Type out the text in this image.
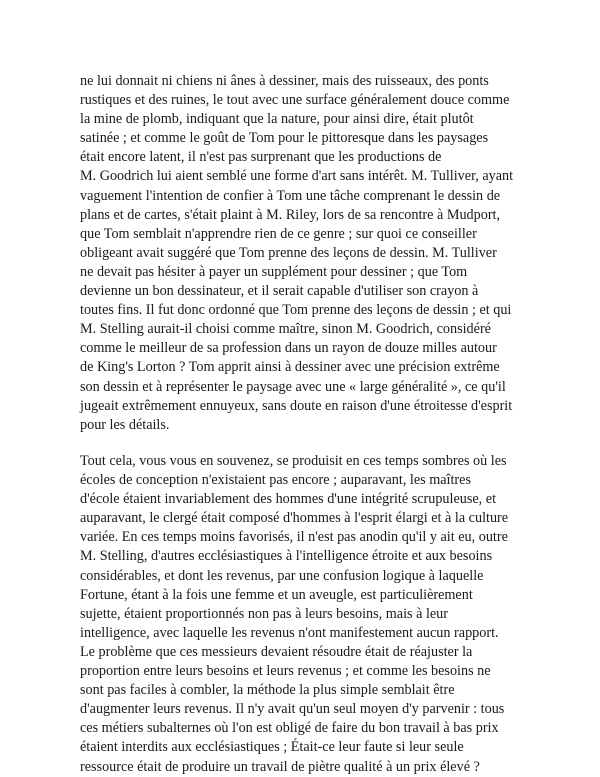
ne lui donnait ni chiens ni ânes à dessiner, mais des ruisseaux, des ponts
rustiques et des ruines, le tout avec une surface généralement douce comme
la mine de plomb, indiquant que la nature, pour ainsi dire, était plutôt
satinée ; et comme le goût de Tom pour le pittoresque dans les paysages
était encore latent, il n'est pas surprenant que les productions de
M. Goodrich lui aient semblé une forme d'art sans intérêt. M. Tulliver, ayant
vaguement l'intention de confier à Tom une tâche comprenant le dessin de
plans et de cartes, s'était plaint à M. Riley, lors de sa rencontre à Mudport,
que Tom semblait n'apprendre rien de ce genre ; sur quoi ce conseiller
obligeant avait suggéré que Tom prenne des leçons de dessin. M. Tulliver
ne devait pas hésiter à payer un supplément pour dessiner ; que Tom
devienne un bon dessinateur, et il serait capable d'utiliser son crayon à
toutes fins. Il fut donc ordonné que Tom prenne des leçons de dessin ; et qui
M. Stelling aurait-il choisi comme maître, sinon M. Goodrich, considéré
comme le meilleur de sa profession dans un rayon de douze milles autour
de King's Lorton ? Tom apprit ainsi à dessiner avec une précision extrême
son dessin et à représenter le paysage avec une « large généralité », ce qu'il
jugeait extrêmement ennuyeux, sans doute en raison d'une étroitesse d'esprit
pour les détails.

Tout cela, vous vous en souvenez, se produisit en ces temps sombres où les
écoles de conception n'existaient pas encore ; auparavant, les maîtres
d'école étaient invariablement des hommes d'une intégrité scrupuleuse, et
auparavant, le clergé était composé d'hommes à l'esprit élargi et à la culture
variée. En ces temps moins favorisés, il n'est pas anodin qu'il y ait eu, outre
M. Stelling, d'autres ecclésiastiques à l'intelligence étroite et aux besoins
considérables, et dont les revenus, par une confusion logique à laquelle
Fortune, étant à la fois une femme et un aveugle, est particulièrement
sujette, étaient proportionnés non pas à leurs besoins, mais à leur
intelligence, avec laquelle les revenus n'ont manifestement aucun rapport.
Le problème que ces messieurs devaient résoudre était de réajuster la
proportion entre leurs besoins et leurs revenus ; et comme les besoins ne
sont pas faciles à combler, la méthode la plus simple semblait être
d'augmenter leurs revenus. Il n'y avait qu'un seul moyen d'y parvenir : tous
ces métiers subalternes où l'on est obligé de faire du bon travail à bas prix
étaient interdits aux ecclésiastiques ; Était-ce leur faute si leur seule
ressource était de produire un travail de piètre qualité à un prix élevé ?
